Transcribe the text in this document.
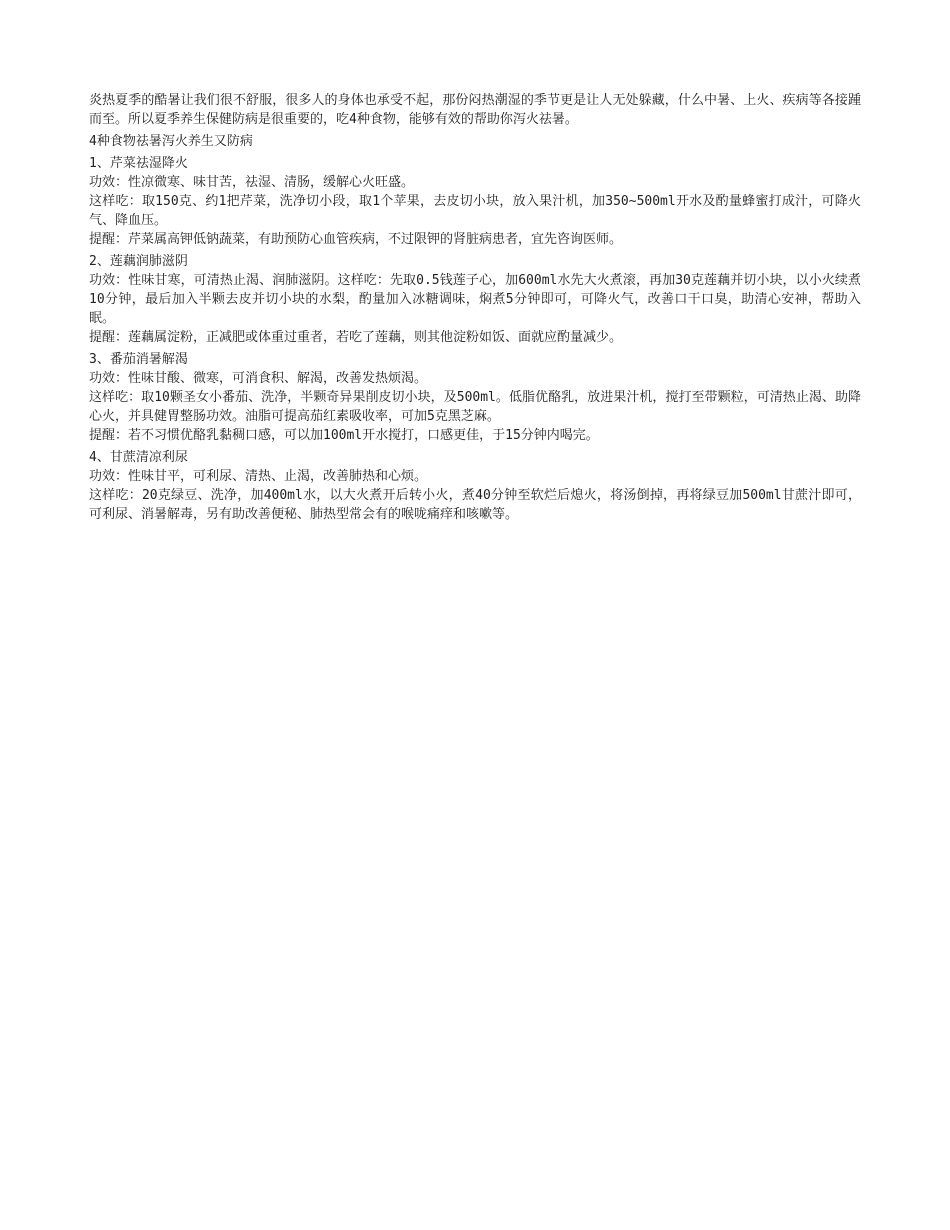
炎热夏季的酷暑让我们很不舒服，很多人的身体也承受不起，那份闷热潮湿的季节更是让人无处躲藏，什么中暑、上火、疾病等各接踵而至。所以夏季养生保健防病是很重要的，吃4种食物，能够有效的帮助你泻火祛暑。

4种食物祛暑泻火养生又防病

1、芹菜祛湿降火

功效：性凉微寒、味甘苦，祛湿、清肠，缓解心火旺盛。

这样吃：取150克、约1把芹菜，洗净切小段，取1个苹果，去皮切小块，放入果汁机，加350~500ml开水及酌量蜂蜜打成汁，可降火气、降血压。

提醒：芹菜属高钾低钠蔬菜，有助预防心血管疾病，不过限钾的肾脏病患者，宜先咨询医师。

2、莲藕润肺滋阴

功效：性味甘寒，可清热止渴、润肺滋阴。这样吃：先取0.5钱莲子心，加600ml水先大火煮滚，再加30克莲藕并切小块，以小火续煮10分钟，最后加入半颗去皮并切小块的水梨，酌量加入冰糖调味，焖煮5分钟即可，可降火气，改善口干口臭，助清心安神，帮助入眠。

提醒：莲藕属淀粉，正减肥或体重过重者，若吃了莲藕，则其他淀粉如饭、面就应酌量减少。

3、番茄消暑解渴

功效：性味甘酸、微寒，可消食积、解渴，改善发热烦渴。

这样吃：取10颗圣女小番茄、洗净，半颗奇异果削皮切小块，及500ml。低脂优酪乳，放进果汁机，搅打至带颗粒，可清热止渴、助降心火，并具健胃整肠功效。油脂可提高茄红素吸收率，可加5克黑芝麻。

提醒：若不习惯优酪乳黏稠口感，可以加100ml开水搅打，口感更佳，于15分钟内喝完。

4、甘蔗清凉利尿

功效：性味甘平，可利尿、清热、止渴，改善肺热和心烦。

这样吃：20克绿豆、洗净，加400ml水，以大火煮开后转小火，煮40分钟至软烂后熄火，将汤倒掉，再将绿豆加500ml甘蔗汁即可，可利尿、消暑解毒，另有助改善便秘、肺热型常会有的喉咙痛痒和咳嗽等。
